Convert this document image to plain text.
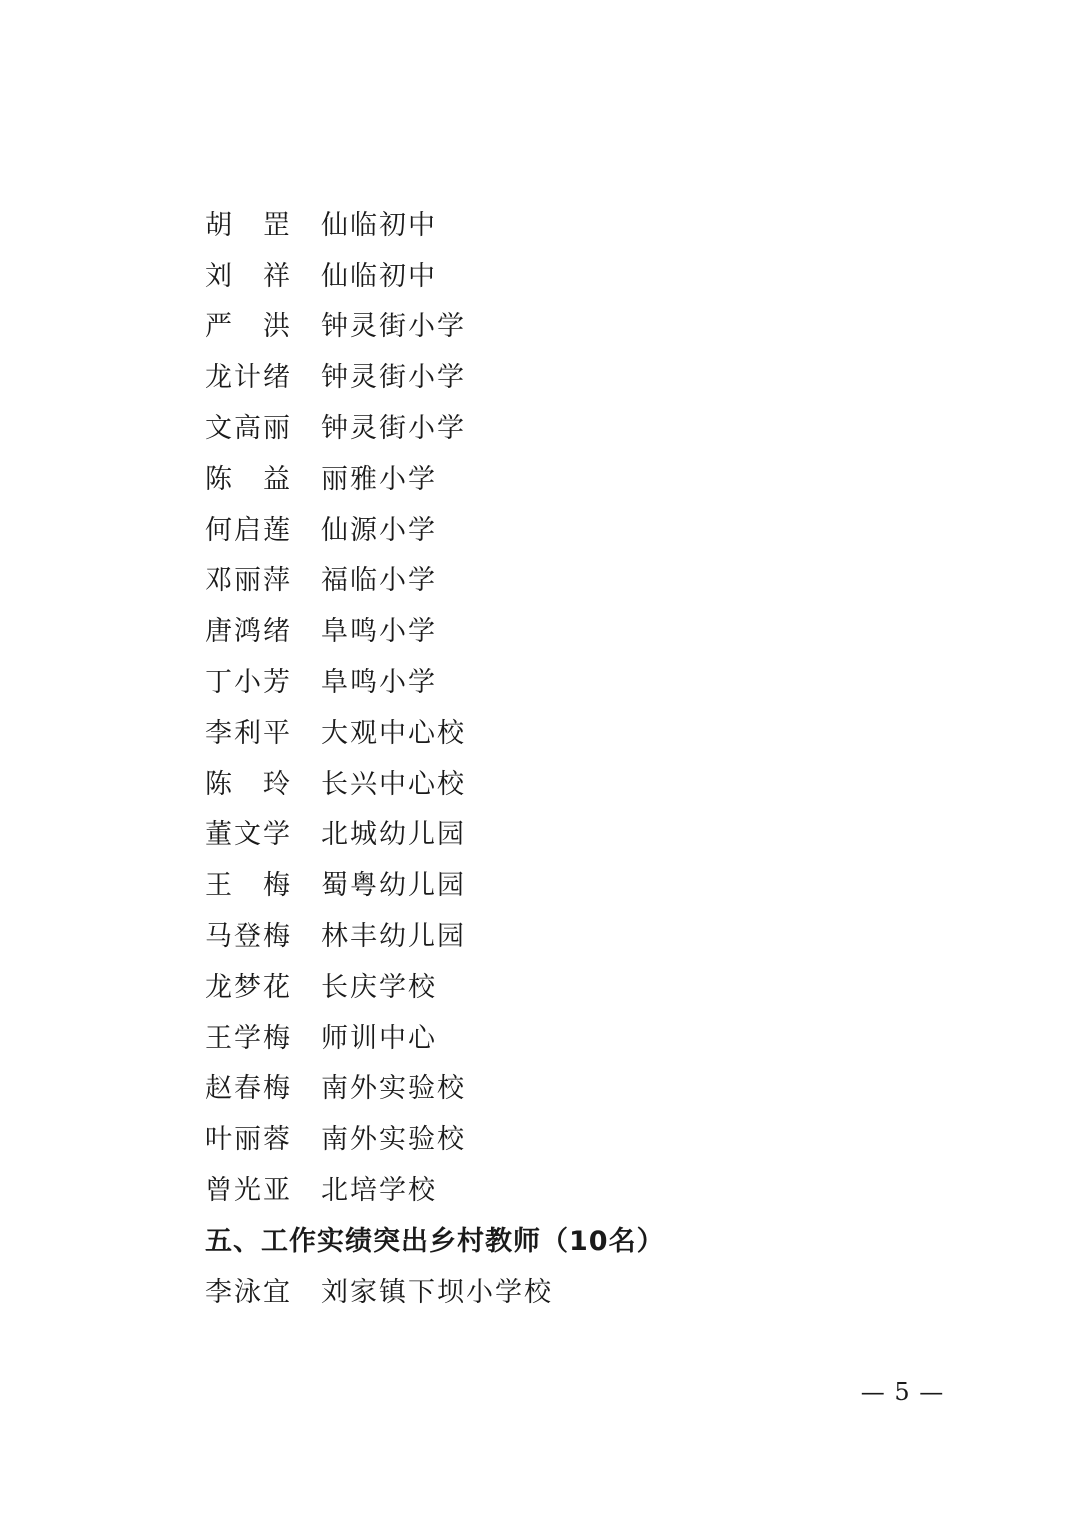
胡　 罡	仙临初中
刘　 祥	仙临初中
严　 洪	钟灵街小学
龙计绪	钟灵街小学
文高丽	钟灵街小学
陈　 益	丽雅小学
何启莲	仙源小学
邓丽萍	福临小学
唐鸿绪	阜鸣小学
丁小芳	阜鸣小学
李利平	大观中心校
陈　 玲	长兴中心校
董文学	北城幼儿园
王　 梅	蜀粤幼儿园
马登梅	林丰幼儿园
龙梦花	长庆学校
王学梅	师训中心
赵春梅	南外实验校
叶丽蓉	南外实验校
曾光亚	北培学校
五、工作实绩突出乡村教师（10名）
李泳宜	刘家镇下坝小学校
— 5 —
